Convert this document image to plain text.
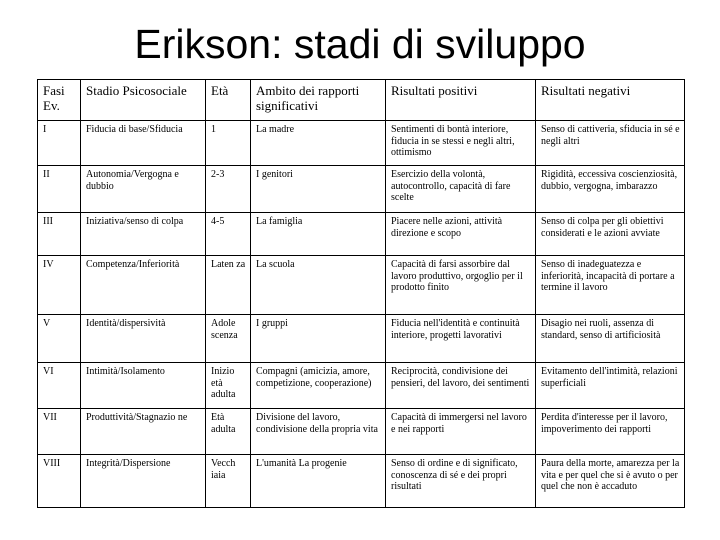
Erikson: stadi di sviluppo
Fasi Ev.	Stadio Psicosociale	Età	Ambito dei rapporti significativi	Risultati positivi	Risultati negativi
I	Fiducia di base/Sfiducia	1	La madre	Sentimenti di bontà interiore, fiducia in se stessi e negli altri, ottimismo	Senso di cattiveria, sfiducia in sé e negli altri
II	Autonomia/Vergogna e dubbio	2-3	I genitori	Esercizio della volontà, autocontrollo, capacità di fare scelte	Rigidità, eccessiva coscienziosità, dubbio, vergogna, imbarazzo
III	Iniziativa/senso di colpa	4-5	La famiglia	Piacere nelle azioni, attività direzione e scopo	Senso di colpa per gli obiettivi considerati e le azioni avviate
IV	Competenza/Inferiorità	Laten za	La scuola	Capacità di farsi assorbire dal lavoro produttivo, orgoglio per il prodotto finito	Senso di inadeguatezza e inferiorità, incapacità di portare a termine il lavoro
V	Identità/dispersività	Adole scenza	I gruppi	Fiducia nell'identità e continuità interiore, progetti lavorativi	Disagio nei ruoli, assenza di standard, senso di artificiosità
VI	Intimità/Isolamento	Inizio età adulta	Compagni (amicizia, amore, competizione, cooperazione)	Reciprocità, condivisione dei pensieri, del lavoro, dei sentimenti	Evitamento dell'intimità, relazioni superficiali
VII	Produttività/Stagnazio ne	Età adulta	Divisione del lavoro, condivisione della propria vita	Capacità di immergersi nel lavoro e nei rapporti	Perdita d'interesse per il lavoro, impoverimento dei rapporti
VIII	Integrità/Dispersione	Vecch iaia	L'umanità La progenie	Senso di ordine e di significato, conoscenza di sé e dei propri risultati	Paura della morte, amarezza per la vita e per quel che si è avuto o per quel che non è accaduto
